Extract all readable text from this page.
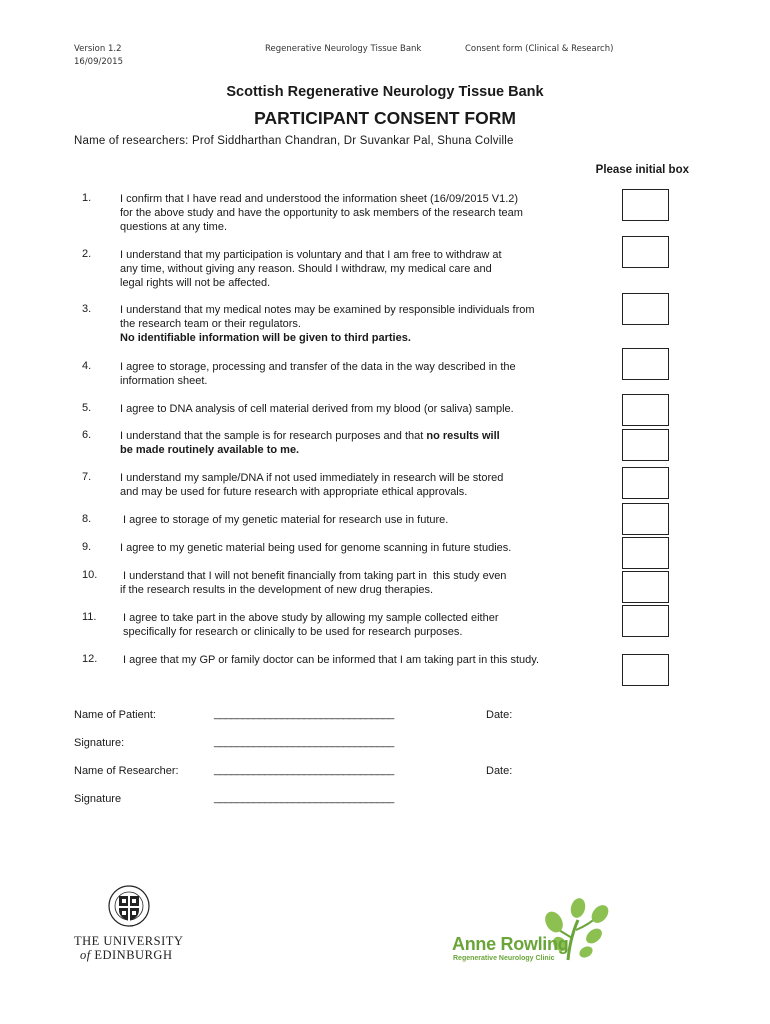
Version 1.2
16/09/2015
Regenerative Neurology Tissue Bank	Consent form (Clinical & Research)
Scottish Regenerative Neurology Tissue Bank
PARTICIPANT CONSENT FORM
Name of researchers: Prof Siddharthan Chandran, Dr Suvankar Pal, Shuna Colville
Please initial box
1.	I confirm that I have read and understood the information sheet (16/09/2015 V1.2)
for the above study and have the opportunity to ask members of the research team
questions at any time.
2.	I understand that my participation is voluntary and that I am free to withdraw at
any time, without giving any reason. Should I withdraw, my medical care and
legal rights will not be affected.
3.	I understand that my medical notes may be examined by responsible individuals from
the research team or their regulators.
No identifiable information will be given to third parties.
4.	I agree to storage, processing and transfer of the data in the way described in the
information sheet.
5.	I agree to DNA analysis of cell material derived from my blood (or saliva) sample.
6.	I understand that the sample is for research purposes and that no results will
be made routinely available to me.
7.	I understand my sample/DNA if not used immediately in research will be stored
and may be used for future research with appropriate ethical approvals.
8.	I agree to storage of my genetic material for research use in future.
9.	I agree to my genetic material being used for genome scanning in future studies.
10. I understand that I will not benefit financially from taking part in  this study even
if the research results in the development of new drug therapies.
11. I agree to take part in the above study by allowing my sample collected either
specifically for research or clinically to be used for research purposes.
12. I agree that my GP or family doctor can be informed that I am taking part in this study.
Name of Patient:	________________________________	Date:
Signature:	________________________________
Name of Researcher:	________________________________	Date:
Signature	________________________________
THE UNIVERSITY
of EDINBURGH
Anne Rowling
Regenerative Neurology Clinic
